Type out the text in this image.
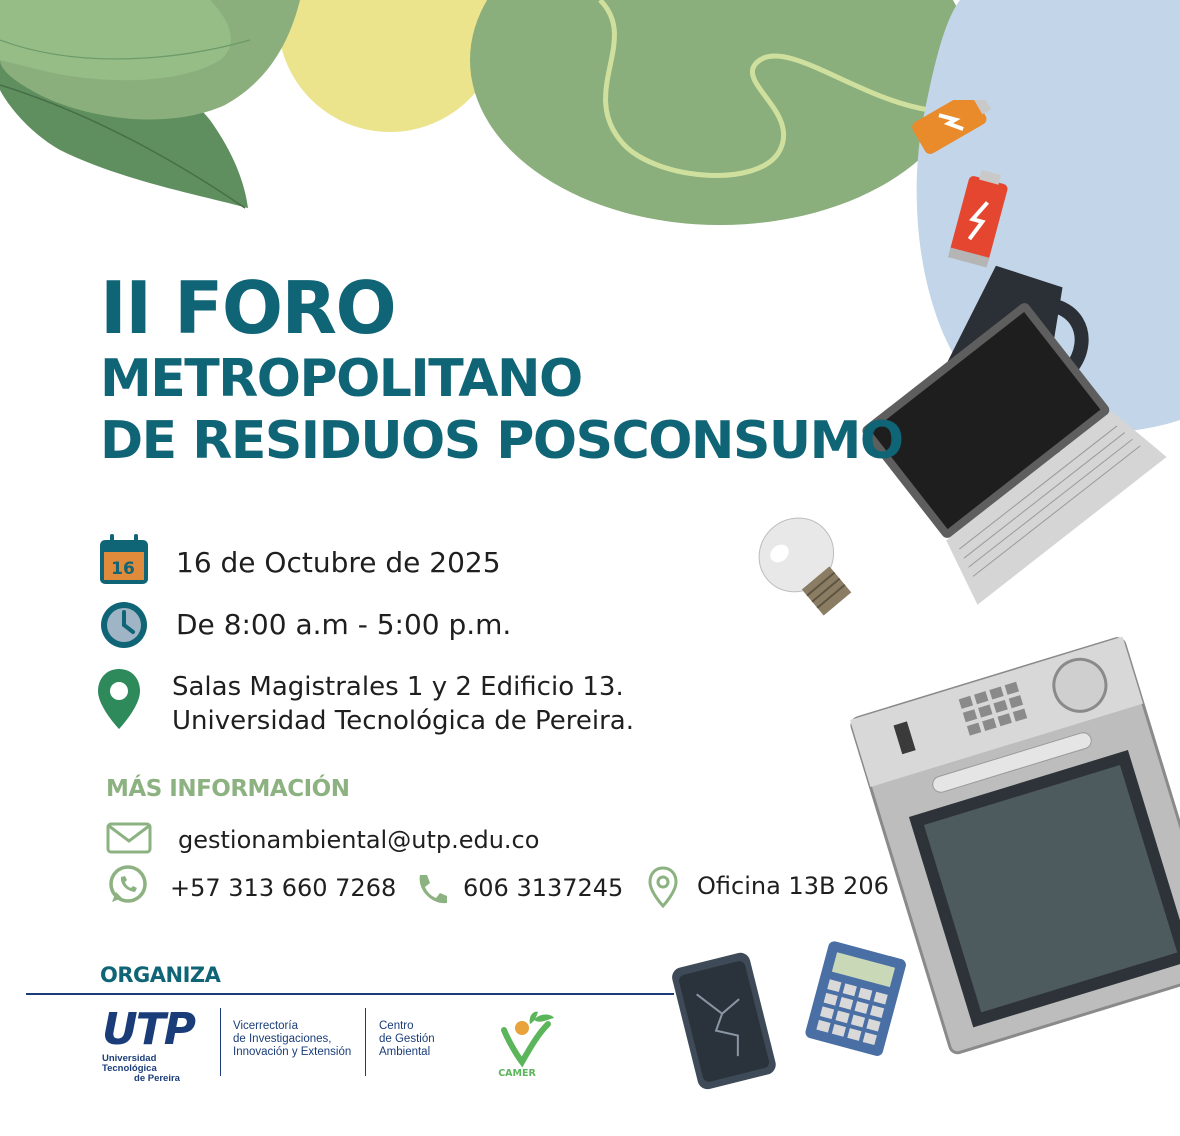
II FORO
METROPOLITANO
DE RESIDUOS POSCONSUMO
16 16 de Octubre de 2025
De 8:00 a.m - 5:00 p.m.
Salas Magistrales 1 y 2 Edificio 13.
Universidad Tecnológica de Pereira.
MÁS INFORMACIÓN
gestionambiental@utp.edu.co
+57 313 660 7268	606 3137245	Oficina 13B 206
ORGANIZA
UTP
Universidad Tecnológica
de Pereira
Vicerrectoría
de Investigaciones,
Innovación y Extensión
Centro
de Gestión
Ambiental
CAMER
